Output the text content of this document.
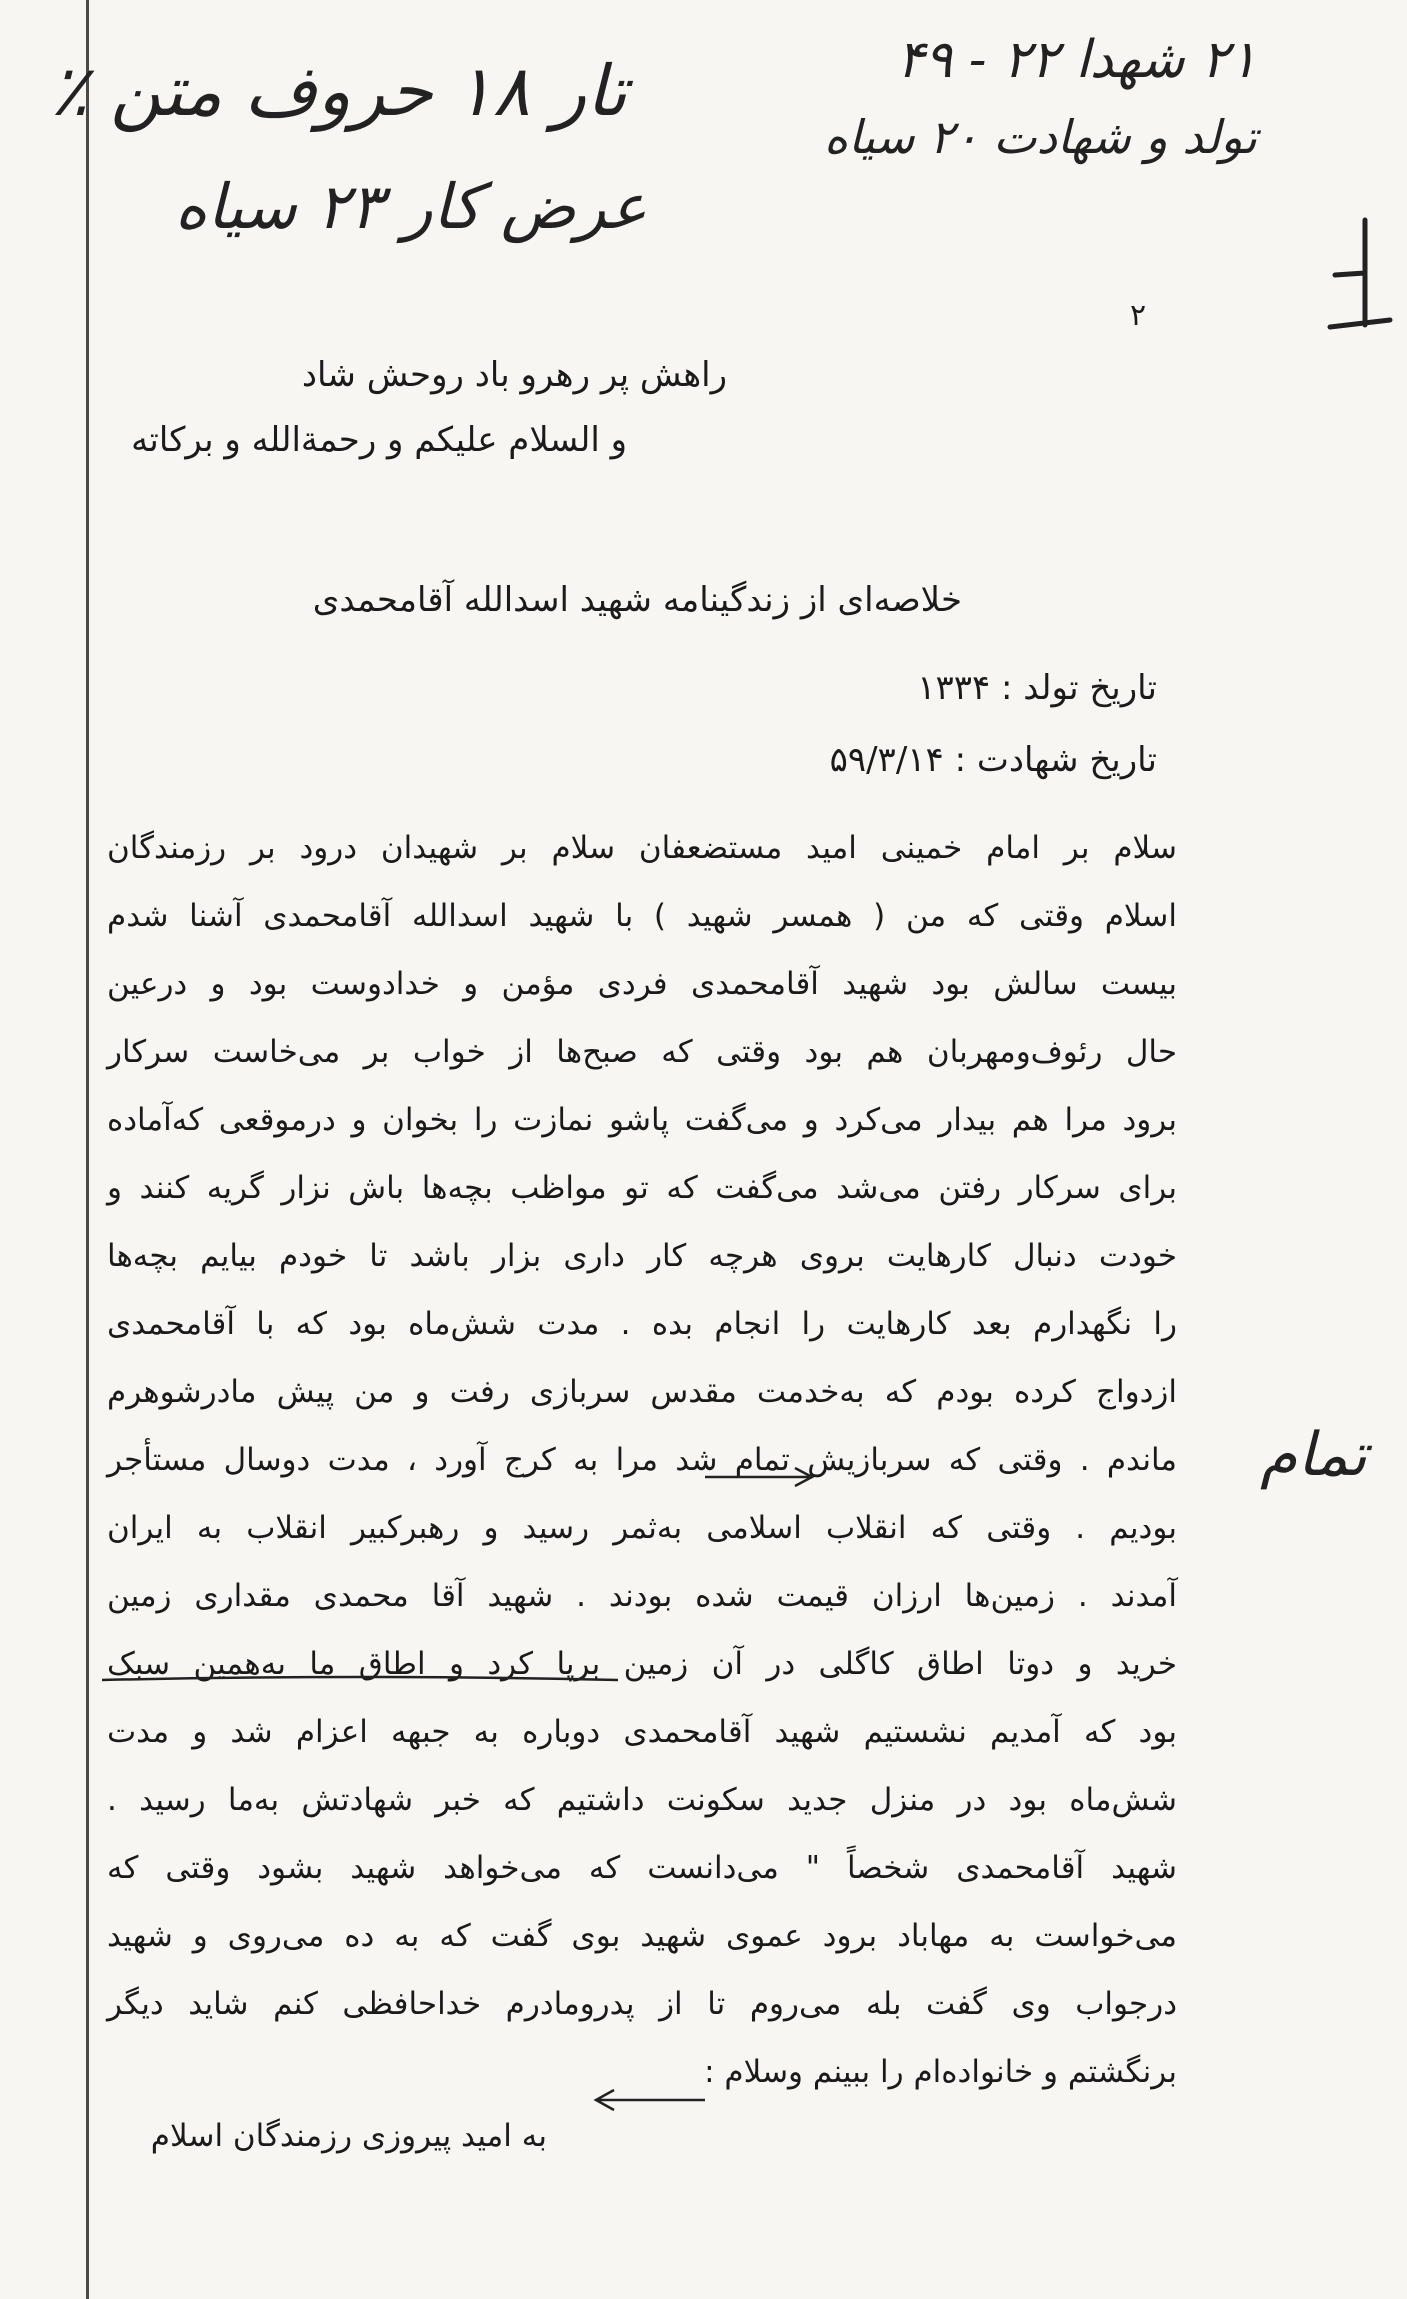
۲۱ شهدا ۲۲ - ۴۹
تولد و شهادت ۲۰ سیاه
تار ۱۸ حروف متن ٪
عرض کار ۲۳ سیاه
۲
راهش پر رهرو باد روحش شاد
و السلام علیکم و رحمةالله و برکاته
خلاصه‌ای از زندگینامه شهید اسدالله آقامحمدی
تاریخ تولد : ۱۳۳۴
تاریخ شهادت : ۵۹/۳/۱۴
سلام بر امام خمینی امید مستضعفان سلام بر شهیدان درود بر رزمندگان
اسلام وقتی که من ( همسر شهید ) با شهید اسدالله آقامحمدی آشنا شدم
بیست سالش بود شهید آقامحمدی فردی مؤمن و خدادوست بود و درعین
حال رئوف‌ومهربان هم بود وقتی که صبح‌ها از خواب بر می‌خاست سرکار
برود مرا هم بیدار می‌کرد و می‌گفت پاشو نمازت را بخوان و درموقعی که‌آماده
برای سرکار رفتن می‌شد می‌گفت که تو مواظب بچه‌ها باش نزار گریه کنند و
خودت دنبال کارهایت بروی هرچه کار داری بزار باشد تا خودم بیایم بچه‌ها
را نگهدارم بعد کارهایت را انجام بده . مدت شش‌ماه بود که با آقامحمدی
ازدواج کرده بودم که به‌خدمت مقدس سربازی رفت و من پیش مادرشوهرم
ماندم . وقتی که سربازیش تمام شد مرا به کرج آورد ، مدت دوسال مستأجر
بودیم . وقتی که انقلاب اسلامی به‌ثمر رسید و رهبرکبیر انقلاب به ایران
آمدند . زمین‌ها ارزان قیمت شده بودند . شهید آقا محمدی مقداری زمین
خرید و دوتا اطاق کاگلی در آن زمین برپا کرد و اطاق ما به‌همین سبک
بود که آمدیم نشستیم شهید آقامحمدی دوباره به جبهه اعزام شد و مدت
شش‌ماه بود در منزل جدید سکونت داشتیم که خبر شهادتش به‌ما رسید .
شهید آقامحمدی شخصاً " می‌دانست که می‌خواهد شهید بشود وقتی که
می‌خواست به مهاباد برود عموی شهید بوی گفت که به ده می‌روی و شهید
درجواب وی گفت بله می‌روم تا از پدرومادرم خداحافظی کنم شاید دیگر
برنگشتم و خانواده‌ام را ببینم وسلام :
تمام
به امید پیروزی رزمندگان اسلام
